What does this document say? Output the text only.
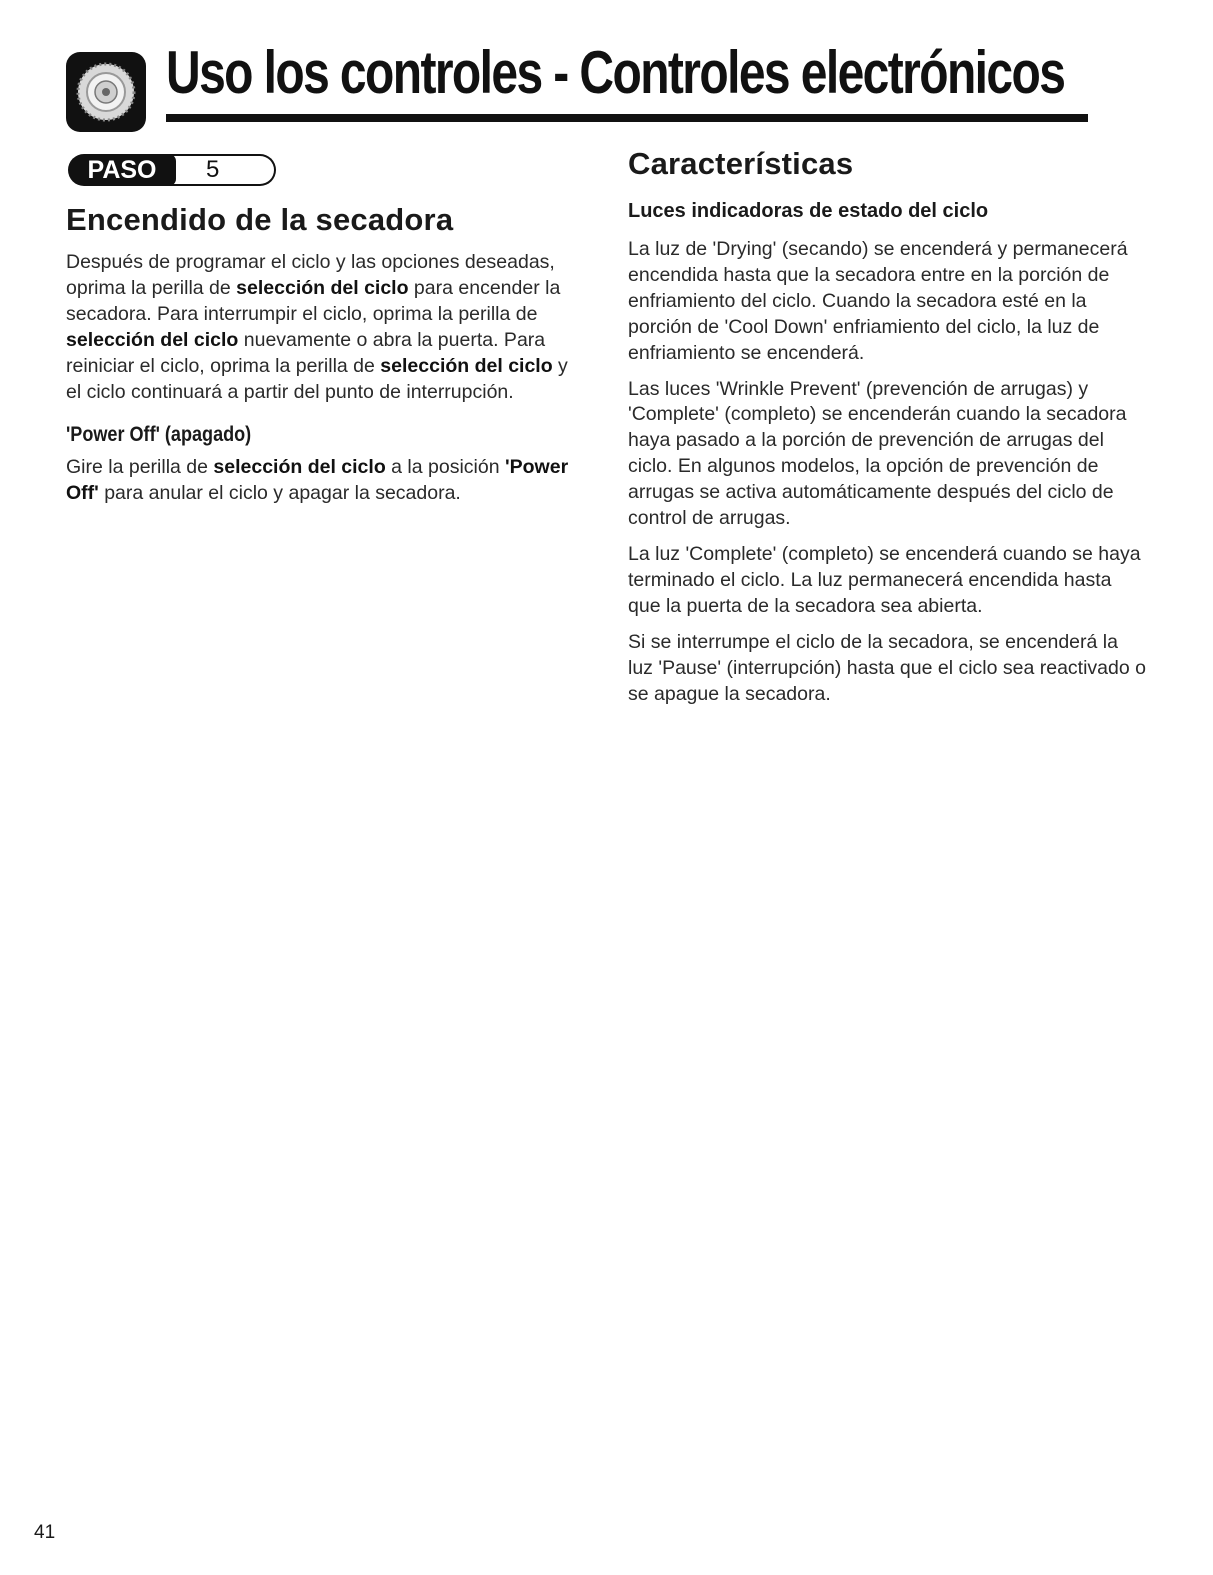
Uso los controles - Controles electrónicos
5
PASO
Encendido de la secadora

Después de programar el ciclo y las opciones deseadas, oprima la perilla de selección del ciclo para encender la secadora. Para interrumpir el ciclo, oprima la perilla de selección del ciclo nuevamente o abra la puerta. Para reiniciar el ciclo, oprima la perilla de selección del ciclo y el ciclo continuará a partir del punto de interrupción.

'Power Off' (apagado)

Gire la perilla de selección del ciclo a la posición 'Power Off' para anular el ciclo y apagar la secadora.

Características
Luces indicadoras de estado del ciclo

La luz de 'Drying' (secando) se encenderá y permanecerá encendida hasta que la secadora entre en la porción de enfriamiento del ciclo. Cuando la secadora esté en la porción de 'Cool Down' enfriamiento del ciclo, la luz de enfriamiento se encenderá.

Las luces 'Wrinkle Prevent' (prevención de arrugas) y 'Complete' (completo) se encenderán cuando la secadora haya pasado a la porción de prevención de arrugas del ciclo. En algunos modelos, la opción de prevención de arrugas se activa automáticamente después del ciclo de control de arrugas.

La luz 'Complete' (completo) se encenderá cuando se haya terminado el ciclo. La luz permanecerá encendida hasta que la puerta de la secadora sea abierta.

Si se interrumpe el ciclo de la secadora, se encenderá la luz 'Pause' (interrupción) hasta que el ciclo sea reactivado o se apague la secadora.

41
